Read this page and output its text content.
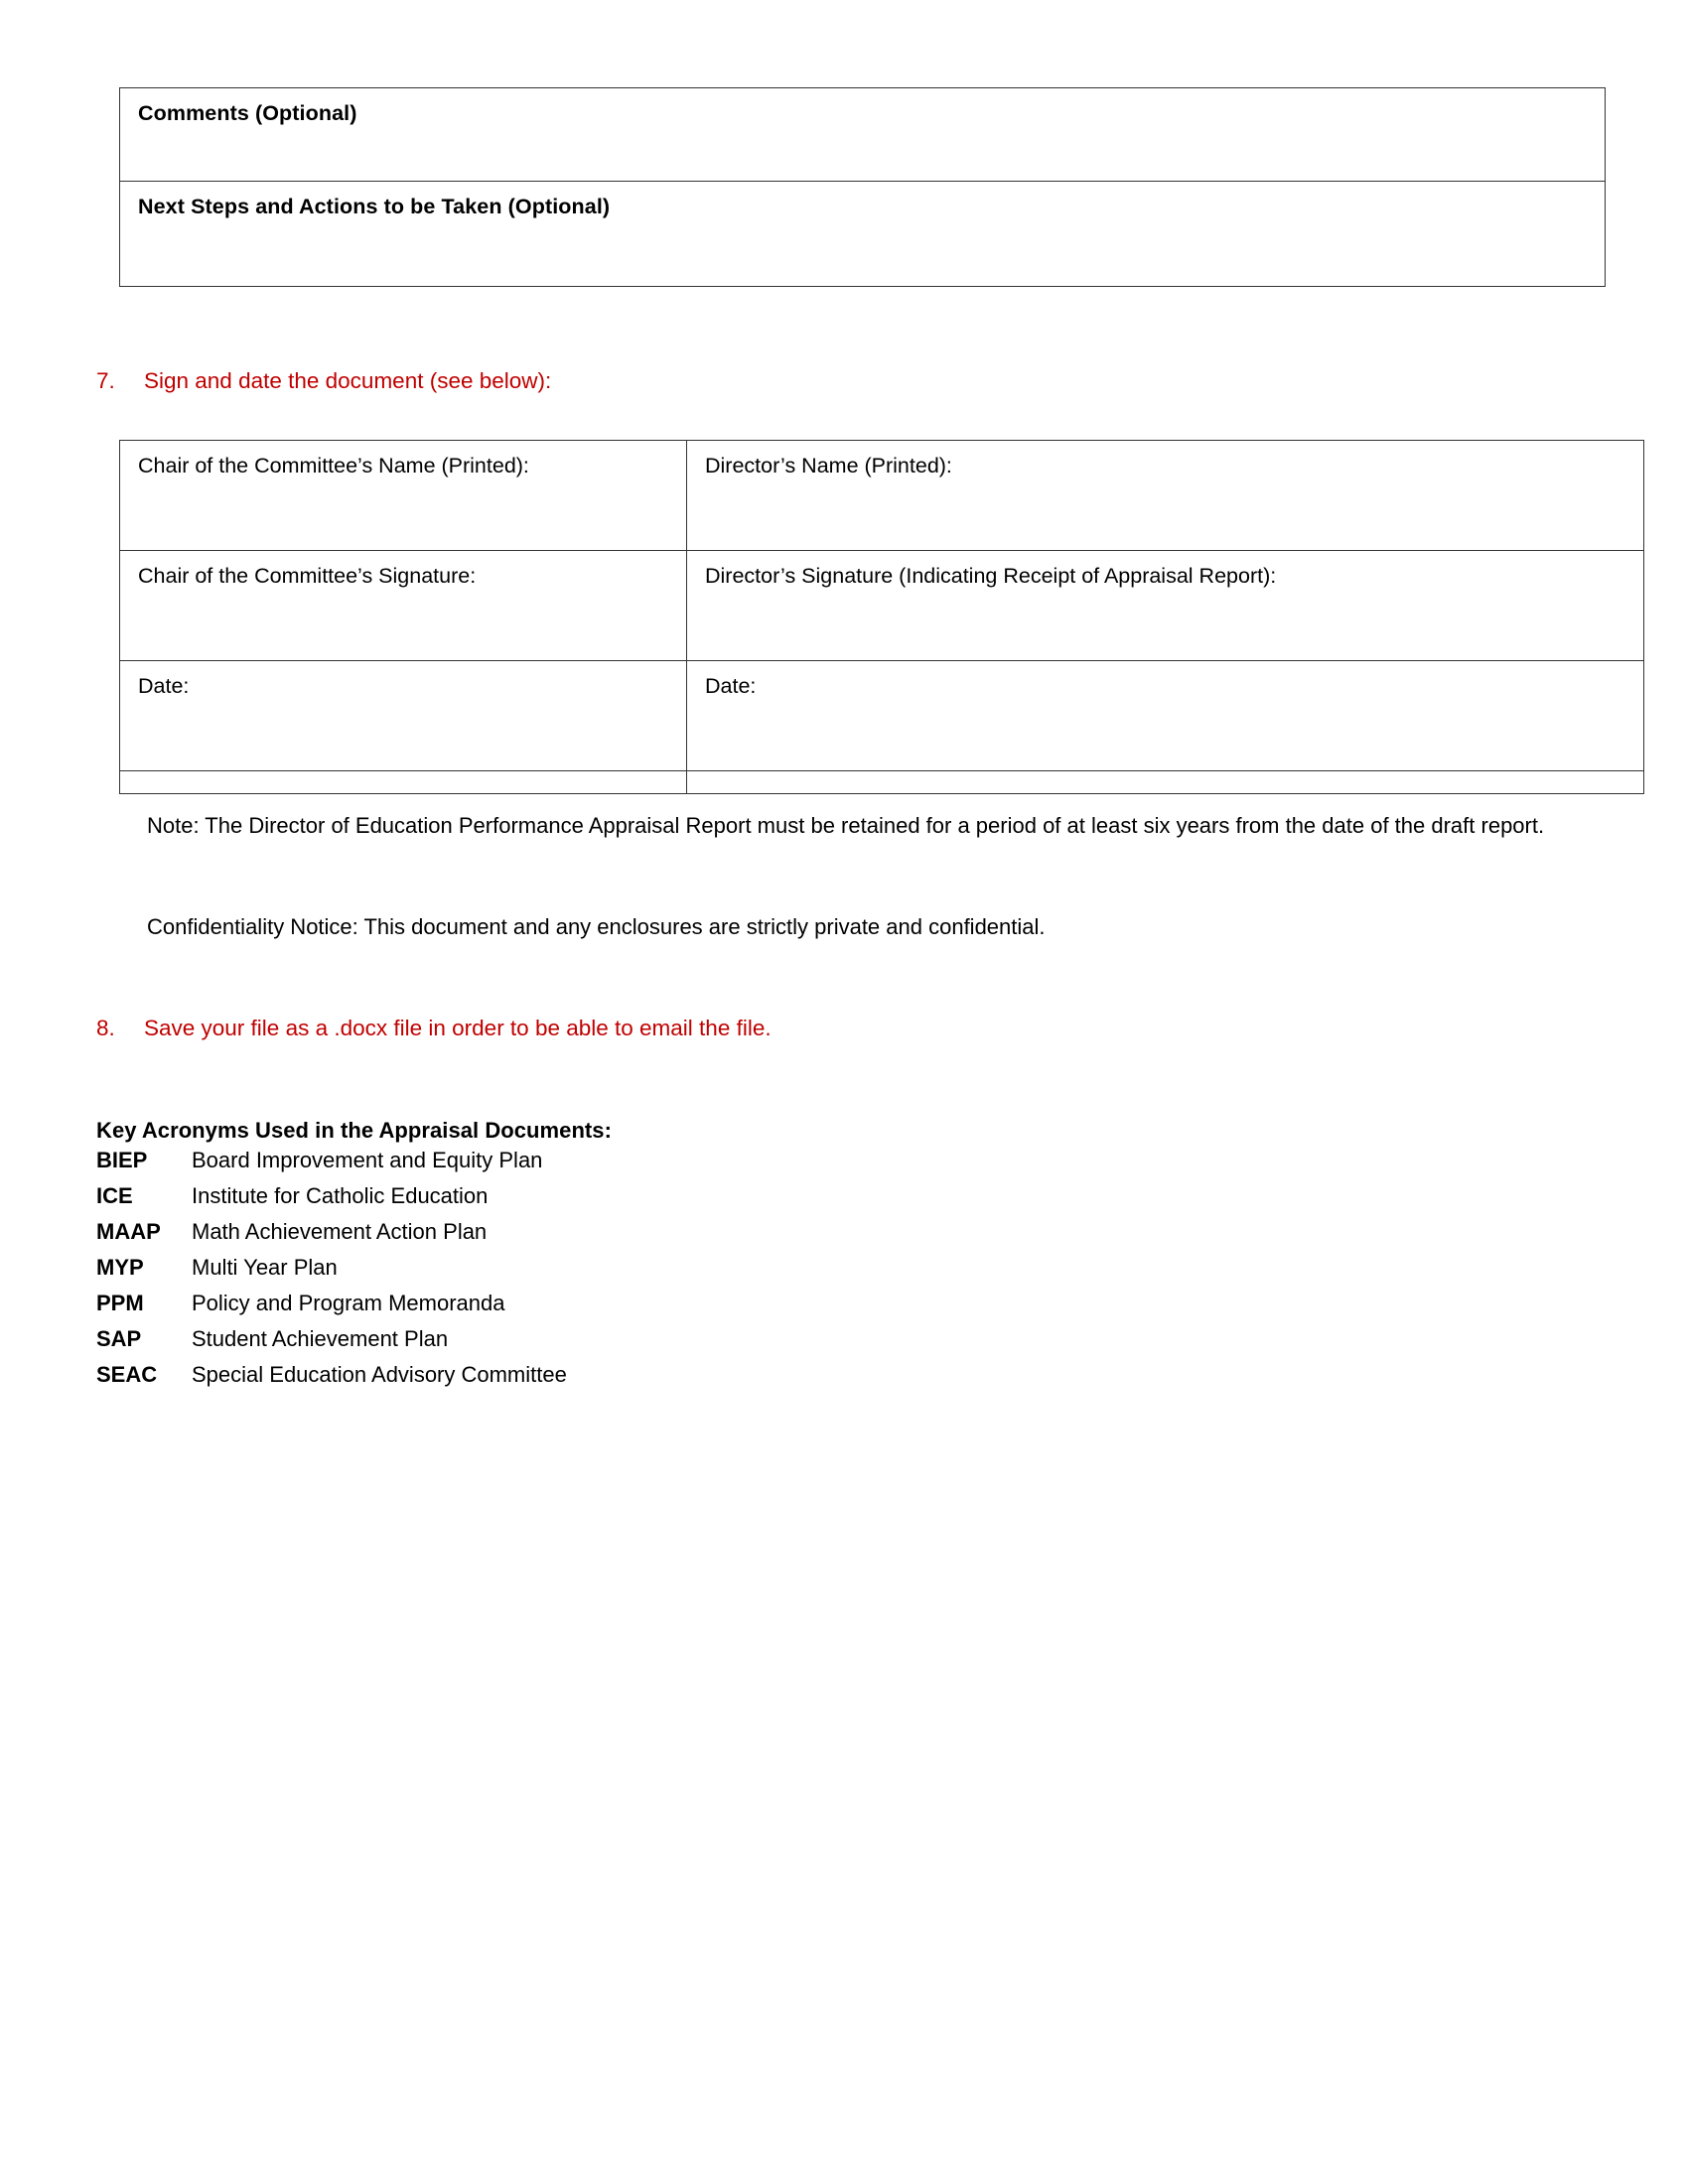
Comments (Optional)

Next Steps and Actions to be Taken (Optional)
7.	Sign and date the document (see below):
Chair of the Committee’s Name (Printed):	Director’s Name (Printed):
Chair of the Committee’s Signature:	Director’s Signature (Indicating Receipt of Appraisal Report):
Date:	Date:

Note: The Director of Education Performance Appraisal Report must be retained for a period of at least six years from the date of the draft report.
Confidentiality Notice: This document and any enclosures are strictly private and confidential.
8.	Save your file as a .docx file in order to be able to email the file.
Key Acronyms Used in the Appraisal Documents:
BIEP	Board Improvement and Equity Plan
ICE	Institute for Catholic Education
MAAP	Math Achievement Action Plan
MYP	Multi Year Plan
PPM	Policy and Program Memoranda
SAP	Student Achievement Plan
SEAC	Special Education Advisory Committee
